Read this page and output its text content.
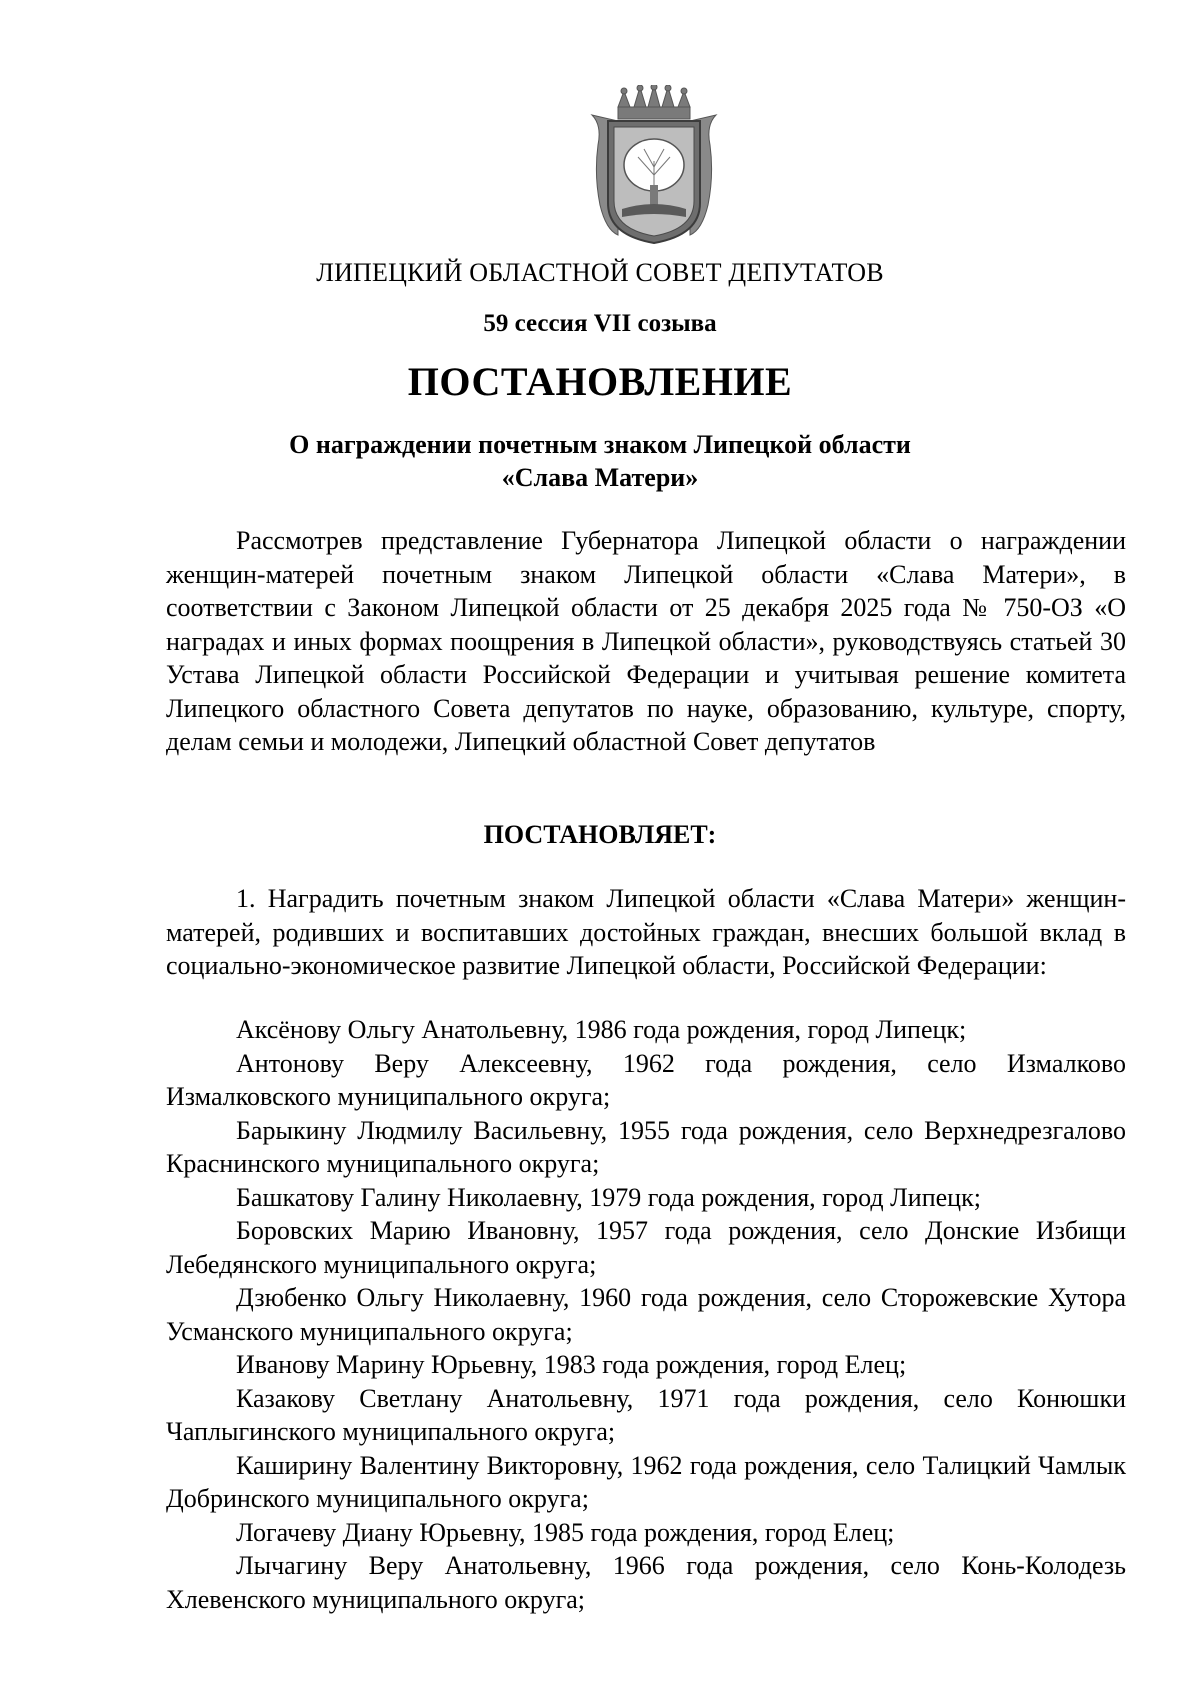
ЛИПЕЦКИЙ ОБЛАСТНОЙ СОВЕТ ДЕПУТАТОВ
59 сессия VII созыва
ПОСТАНОВЛЕНИЕ
О награждении почетным знаком Липецкой области
«Слава Матери»
Рассмотрев представление Губернатора Липецкой области о награждении женщин-матерей почетным знаком Липецкой области «Слава Матери», в соответствии с Законом Липецкой области от 25 декабря 2025 года № 750-ОЗ «О наградах и иных формах поощрения в Липецкой области», руководствуясь статьей 30 Устава Липецкой области Российской Федерации и учитывая решение комитета Липецкого областного Совета депутатов по науке, образованию, культуре, спорту, делам семьи и молодежи, Липецкий областной Совет депутатов
ПОСТАНОВЛЯЕТ:
1. Наградить почетным знаком Липецкой области «Слава Матери» женщин-матерей, родивших и воспитавших достойных граждан, внесших большой вклад в социально-экономическое развитие Липецкой области, Российской Федерации:

Аксёнову Ольгу Анатольевну, 1986 года рождения, город Липецк;

Антонову Веру Алексеевну, 1962 года рождения, село Измалково Измалковского муниципального округа;

Барыкину Людмилу Васильевну, 1955 года рождения, село Верхнедрезгалово Краснинского муниципального округа;

Башкатову Галину Николаевну, 1979 года рождения, город Липецк;

Боровских Марию Ивановну, 1957 года рождения, село Донские Избищи Лебедянского муниципального округа;

Дзюбенко Ольгу Николаевну, 1960 года рождения, село Сторожевские Хутора Усманского муниципального округа;

Иванову Марину Юрьевну, 1983 года рождения, город Елец;

Казакову Светлану Анатольевну, 1971 года рождения, село Конюшки Чаплыгинского муниципального округа;

Каширину Валентину Викторовну, 1962 года рождения, село Талицкий Чамлык Добринского муниципального округа;

Логачеву Диану Юрьевну, 1985 года рождения, город Елец;

Лычагину Веру Анатольевну, 1966 года рождения, село Конь-Колодезь Хлевенского муниципального округа;
